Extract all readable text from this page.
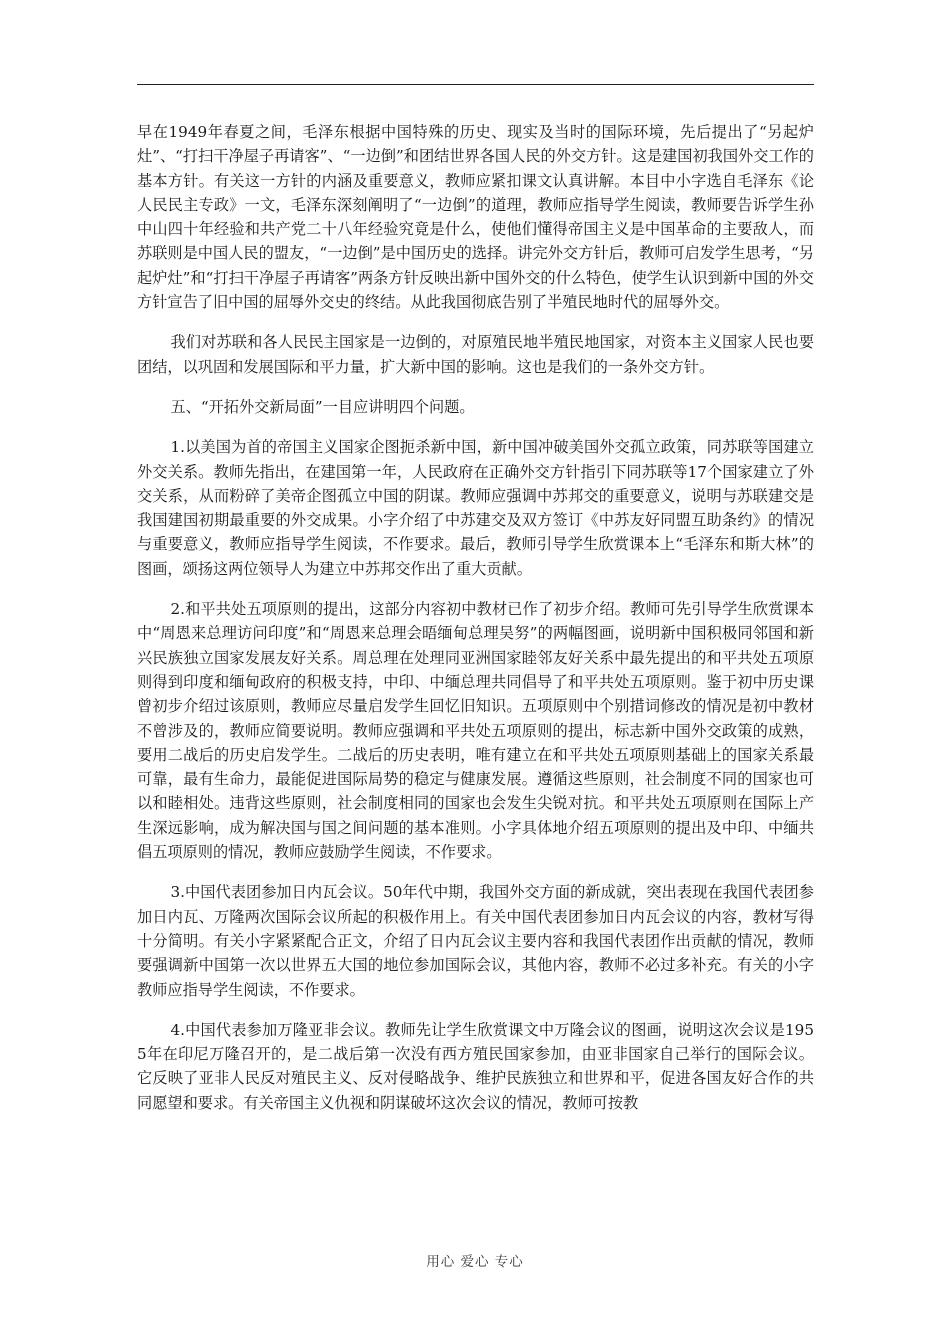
早在1949年春夏之间，毛泽东根据中国特殊的历史、现实及当时的国际环境，先后提出了“另起炉灶”、“打扫干净屋子再请客”、“一边倒”和团结世界各国人民的外交方针。这是建国初我国外交工作的基本方针。有关这一方针的内涵及重要意义，教师应紧扣课文认真讲解。本目中小字选自毛泽东《论人民民主专政》一文，毛泽东深刻阐明了“一边倒”的道理，教师应指导学生阅读，教师要告诉学生孙中山四十年经验和共产党二十八年经验究竟是什么，使他们懂得帝国主义是中国革命的主要敌人，而苏联则是中国人民的盟友，“一边倒”是中国历史的选择。讲完外交方针后，教师可启发学生思考，“另起炉灶”和“打扫干净屋子再请客”两条方针反映出新中国外交的什么特色，使学生认识到新中国的外交方针宣告了旧中国的屈辱外交史的终结。从此我国彻底告别了半殖民地时代的屈辱外交。

我们对苏联和各人民民主国家是一边倒的，对原殖民地半殖民地国家，对资本主义国家人民也要团结，以巩固和发展国际和平力量，扩大新中国的影响。这也是我们的一条外交方针。

五、“开拓外交新局面”一目应讲明四个问题。

1.以美国为首的帝国主义国家企图扼杀新中国，新中国冲破美国外交孤立政策，同苏联等国建立外交关系。教师先指出，在建国第一年，人民政府在正确外交方针指引下同苏联等17个国家建立了外交关系，从而粉碎了美帝企图孤立中国的阴谋。教师应强调中苏邦交的重要意义，说明与苏联建交是我国建国初期最重要的外交成果。小字介绍了中苏建交及双方签订《中苏友好同盟互助条约》的情况与重要意义，教师应指导学生阅读，不作要求。最后，教师引导学生欣赏课本上“毛泽东和斯大林”的图画，颂扬这两位领导人为建立中苏邦交作出了重大贡献。

2.和平共处五项原则的提出，这部分内容初中教材已作了初步介绍。教师可先引导学生欣赏课本中“周恩来总理访问印度”和“周恩来总理会晤缅甸总理吴努”的两幅图画，说明新中国积极同邻国和新兴民族独立国家发展友好关系。周总理在处理同亚洲国家睦邻友好关系中最先提出的和平共处五项原则得到印度和缅甸政府的积极支持，中印、中缅总理共同倡导了和平共处五项原则。鉴于初中历史课曾初步介绍过该原则，教师应尽量启发学生回忆旧知识。五项原则中个别措词修改的情况是初中教材不曾涉及的，教师应简要说明。教师应强调和平共处五项原则的提出，标志新中国外交政策的成熟，要用二战后的历史启发学生。二战后的历史表明，唯有建立在和平共处五项原则基础上的国家关系最可靠，最有生命力，最能促进国际局势的稳定与健康发展。遵循这些原则，社会制度不同的国家也可以和睦相处。违背这些原则，社会制度相同的国家也会发生尖锐对抗。和平共处五项原则在国际上产生深远影响，成为解决国与国之间问题的基本准则。小字具体地介绍五项原则的提出及中印、中缅共倡五项原则的情况，教师应鼓励学生阅读，不作要求。

3.中国代表团参加日内瓦会议。50年代中期，我国外交方面的新成就，突出表现在我国代表团参加日内瓦、万隆两次国际会议所起的积极作用上。有关中国代表团参加日内瓦会议的内容，教材写得十分简明。有关小字紧紧配合正文，介绍了日内瓦会议主要内容和我国代表团作出贡献的情况，教师要强调新中国第一次以世界五大国的地位参加国际会议，其他内容，教师不必过多补充。有关的小字教师应指导学生阅读，不作要求。

4.中国代表参加万隆亚非会议。教师先让学生欣赏课文中万隆会议的图画，说明这次会议是1955年在印尼万隆召开的，是二战后第一次没有西方殖民国家参加，由亚非国家自己举行的国际会议。它反映了亚非人民反对殖民主义、反对侵略战争、维护民族独立和世界和平，促进各国友好合作的共同愿望和要求。有关帝国主义仇视和阴谋破坏这次会议的情况，教师可按教

用心 爱心 专心
